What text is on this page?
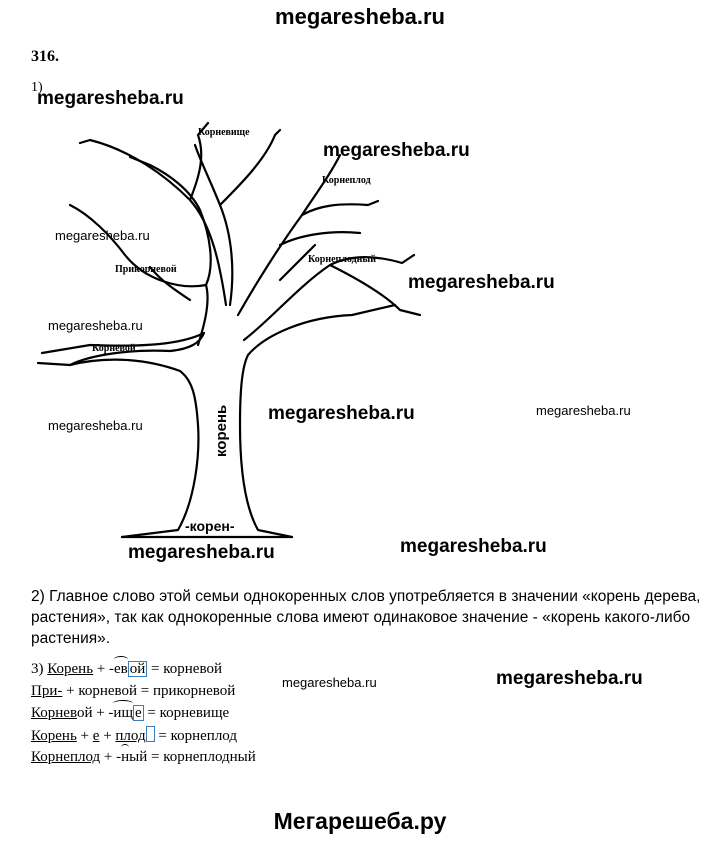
megaresheba.ru
316.
1)
Корневище
Корнеплод
Прикорневой
Корнеплодный
Корневой
корень
-корен-
megaresheba.ru
megaresheba.ru
megaresheba.ru
megaresheba.ru
megaresheba.ru
megaresheba.ru	megaresheba.ru
megaresheba.ru
megaresheba.ru	megaresheba.ru
megaresheba.ru	megaresheba.ru
2) Главное слово этой семьи однокоренных слов употребляется в значении «корень дерева, растения», так как однокоренные слова имеют одинаковое значение - «корень какого-либо растения».
3) Корень + -ев ой = корневой
При- + корневой = прикорневой
Корневой + -ищ е = корневище
Корень + е + плод = корнеплод
Корнеплод + -ный = корнеплодный
Мегарешеба.ру
